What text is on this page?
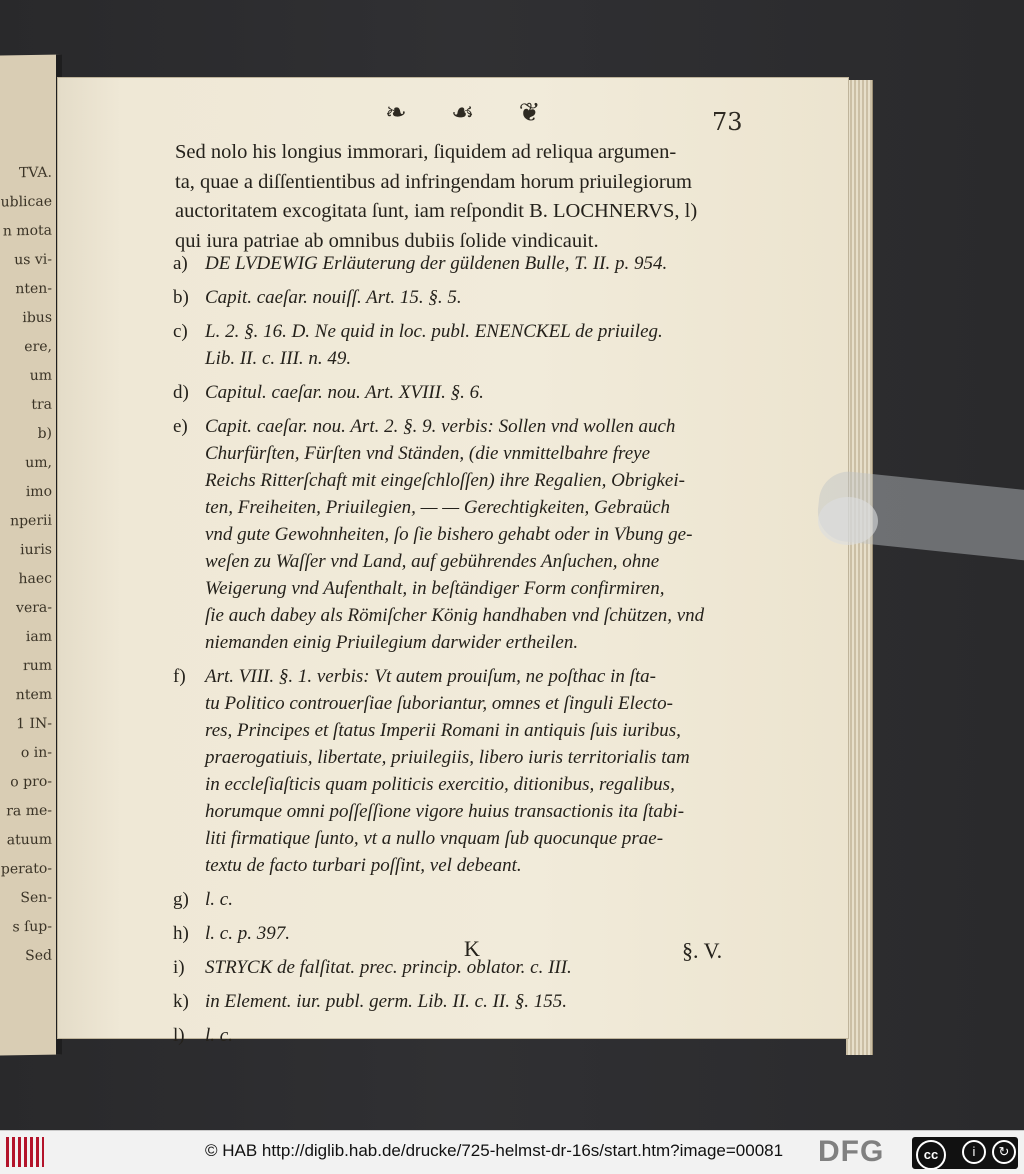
TVA.
ublicae
n mota
us vi-
nten-
ibus
ere,
um
tra
b)
um,
imo
nperii
iuris
haec
vera-
iam
rum
ntem
1 IN-
o in-
o pro-
ra me-
atuum
perato-
Sen-
s ſup-
Sed
❧ ☙ ❦	73
Sed nolo his longius immorari, ſiquidem ad reliqua argumen-
ta, quae a diſſentientibus ad infringendam horum priuilegiorum
auctoritatem excogitata ſunt, iam reſpondit B. LOCHNERVS, l)
qui iura patriae ab omnibus dubiis ſolide vindicauit.
a) DE LVDEWIG Erläuterung der güldenen Bulle, T. II. p. 954.
b) Capit. caeſar. nouiſſ. Art. 15. §. 5.
c) L. 2. §. 16. D. Ne quid in loc. publ. ENENCKEL de priuileg.
Lib. II. c. III. n. 49.
d) Capitul. caeſar. nou. Art. XVIII. §. 6.
e) Capit. caeſar. nou. Art. 2. §. 9. verbis: Sollen vnd wollen auch
Churfürſten, Fürſten vnd Ständen, (die vnmittelbahre freye
Reichs Ritterſchaft mit eingeſchloſſen) ihre Regalien, Obrigkei-
ten, Freiheiten, Priuilegien, — — Gerechtigkeiten, Gebraüch
vnd gute Gewohnheiten, ſo ſie bishero gehabt oder in Vbung ge-
weſen zu Waſſer vnd Land, auf gebührendes Anſuchen, ohne
Weigerung vnd Aufenthalt, in beſtändiger Form confirmiren,
ſie auch dabey als Römiſcher König handhaben vnd ſchützen, vnd
niemanden einig Priuilegium darwider ertheilen.
f) Art. VIII. §. 1. verbis: Vt autem prouiſum, ne poſthac in ſta-
tu Politico controuerſiae ſuboriantur, omnes et ſinguli Electo-
res, Principes et ſtatus Imperii Romani in antiquis ſuis iuribus,
praerogatiuis, libertate, priuilegiis, libero iuris territorialis tam
in eccleſiaſticis quam politicis exercitio, ditionibus, regalibus,
horumque omni poſſeſſione vigore huius transactionis ita ſtabi-
liti firmatique ſunto, vt a nullo vnquam ſub quocunque prae-
textu de facto turbari poſſint, vel debeant.
g) l. c.
h) l. c. p. 397.
i) STRYCK de falſitat. prec. princip. oblator. c. III.
k) in Element. iur. publ. germ. Lib. II. c. II. §. 155.
l) l. c.
K	§. V.
© HAB http://diglib.hab.de/drucke/725-helmst-dr-16s/start.htm?image=00081 DFG	cc	i	↻
